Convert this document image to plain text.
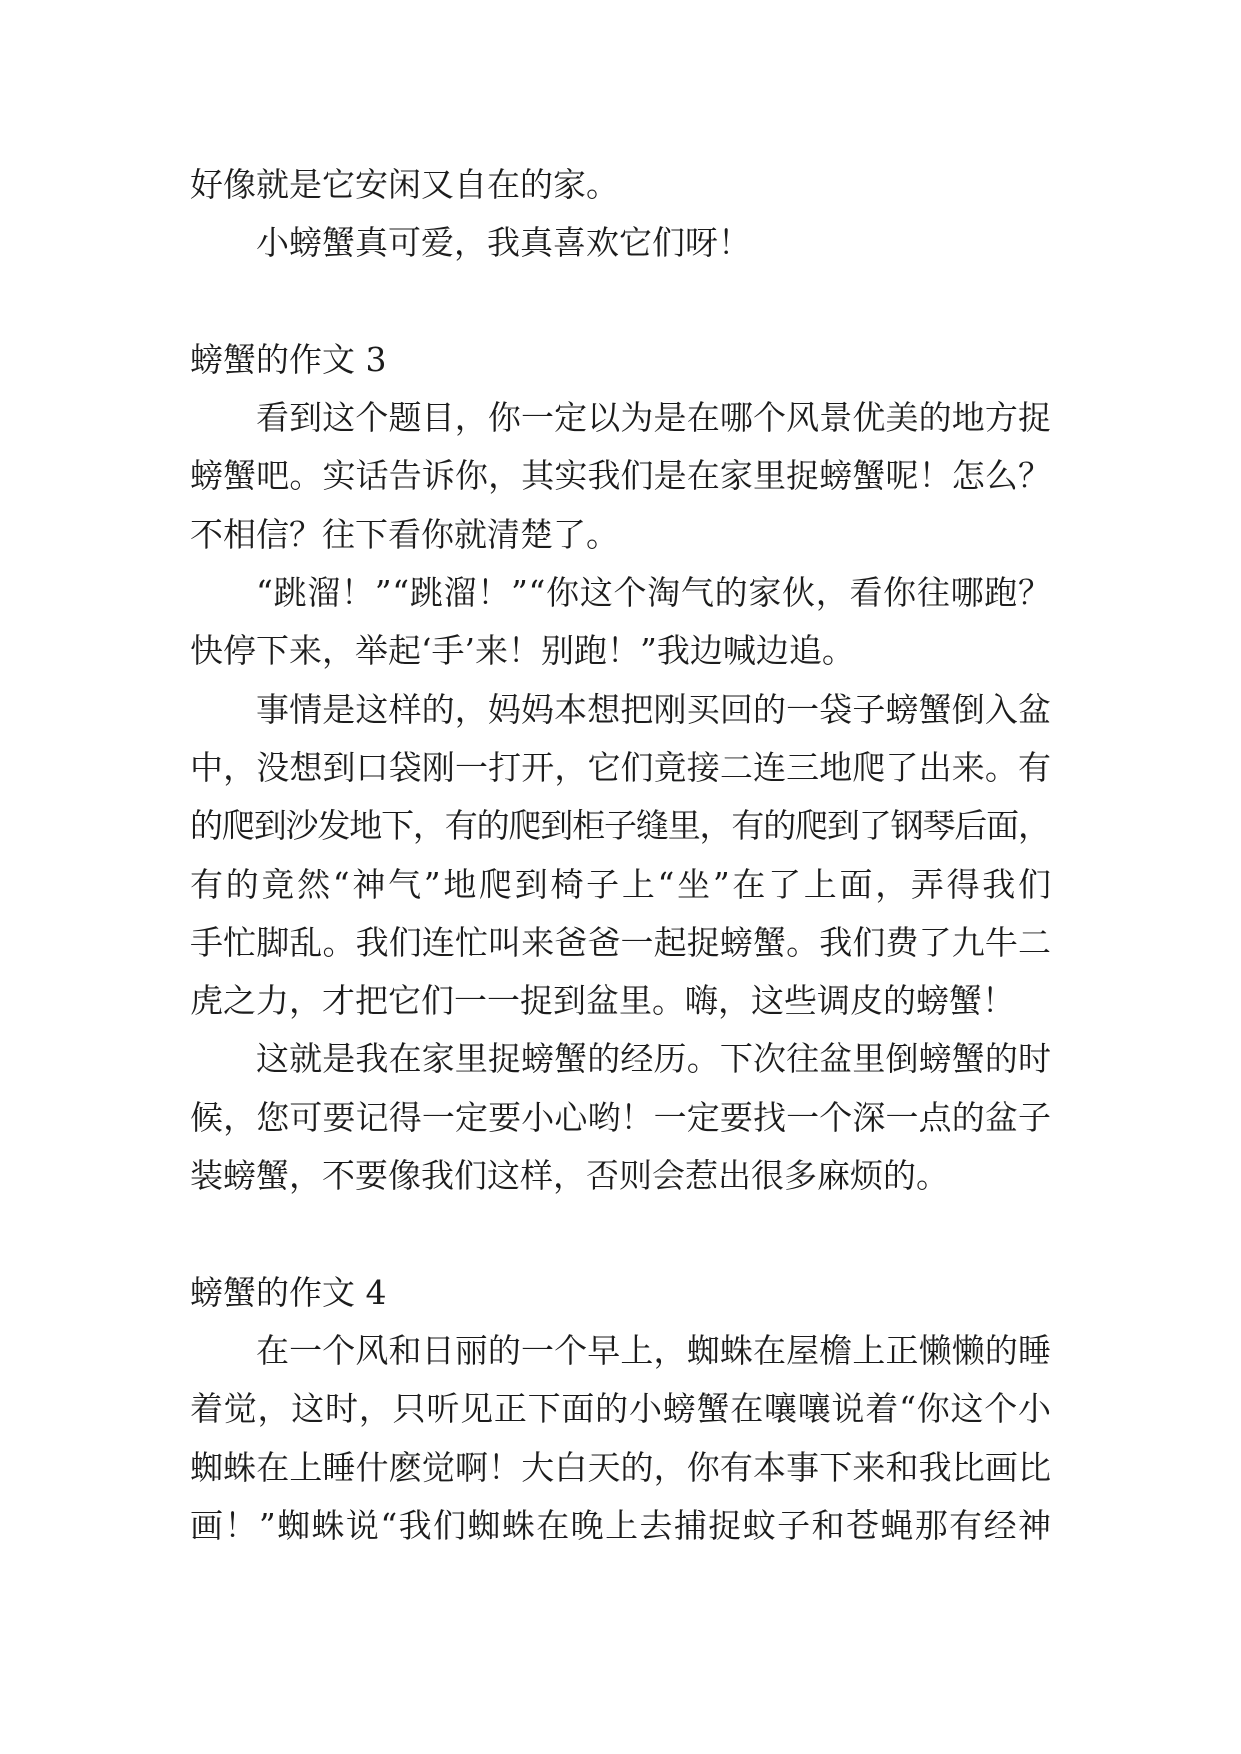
好像就是它安闲又自在的家。
小螃蟹真可爱，我真喜欢它们呀！
螃蟹的作文 3
看到这个题目，你一定以为是在哪个风景优美的地方捉
螃蟹吧。实话告诉你，其实我们是在家里捉螃蟹呢！怎么？
不相信？往下看你就清楚了。
“跳溜！”“跳溜！”“你这个淘气的家伙，看你往哪跑？
快停下来，举起‘手’来！别跑！”我边喊边追。
事情是这样的，妈妈本想把刚买回的一袋子螃蟹倒入盆
中，没想到口袋刚一打开，它们竟接二连三地爬了出来。有
的爬到沙发地下，有的爬到柜子缝里，有的爬到了钢琴后面，
有的竟然“神气”地爬到椅子上“坐”在了上面，弄得我们
手忙脚乱。我们连忙叫来爸爸一起捉螃蟹。我们费了九牛二
虎之力，才把它们一一捉到盆里。嗨，这些调皮的螃蟹！
这就是我在家里捉螃蟹的经历。下次往盆里倒螃蟹的时
候，您可要记得一定要小心哟！一定要找一个深一点的盆子
装螃蟹，不要像我们这样，否则会惹出很多麻烦的。
螃蟹的作文 4
在一个风和日丽的一个早上，蜘蛛在屋檐上正懒懒的睡
着觉，这时，只听见正下面的小螃蟹在嚷嚷说着“你这个小
蜘蛛在上睡什麽觉啊！大白天的，你有本事下来和我比画比
画！”蜘蛛说“我们蜘蛛在晚上去捕捉蚊子和苍蝇那有经神
